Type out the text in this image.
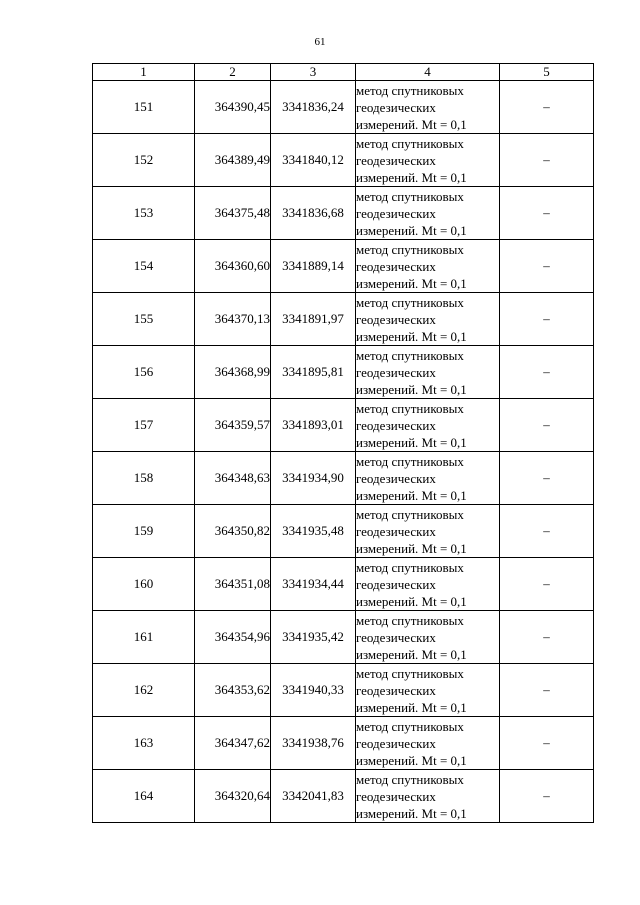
61
1	2	3	4	5
151	364390,45	3341836,24	метод спутниковых
геодезических
измерений. Mt = 0,1	–
152	364389,49	3341840,12	метод спутниковых
геодезических
измерений. Mt = 0,1	–
153	364375,48	3341836,68	метод спутниковых
геодезических
измерений. Mt = 0,1	–
154	364360,60	3341889,14	метод спутниковых
геодезических
измерений. Mt = 0,1	–
155	364370,13	3341891,97	метод спутниковых
геодезических
измерений. Mt = 0,1	–
156	364368,99	3341895,81	метод спутниковых
геодезических
измерений. Mt = 0,1	–
157	364359,57	3341893,01	метод спутниковых
геодезических
измерений. Mt = 0,1	–
158	364348,63	3341934,90	метод спутниковых
геодезических
измерений. Mt = 0,1	–
159	364350,82	3341935,48	метод спутниковых
геодезических
измерений. Mt = 0,1	–
160	364351,08	3341934,44	метод спутниковых
геодезических
измерений. Mt = 0,1	–
161	364354,96	3341935,42	метод спутниковых
геодезических
измерений. Mt = 0,1	–
162	364353,62	3341940,33	метод спутниковых
геодезических
измерений. Mt = 0,1	–
163	364347,62	3341938,76	метод спутниковых
геодезических
измерений. Mt = 0,1	–
164	364320,64	3342041,83	метод спутниковых
геодезических
измерений. Mt = 0,1	–
